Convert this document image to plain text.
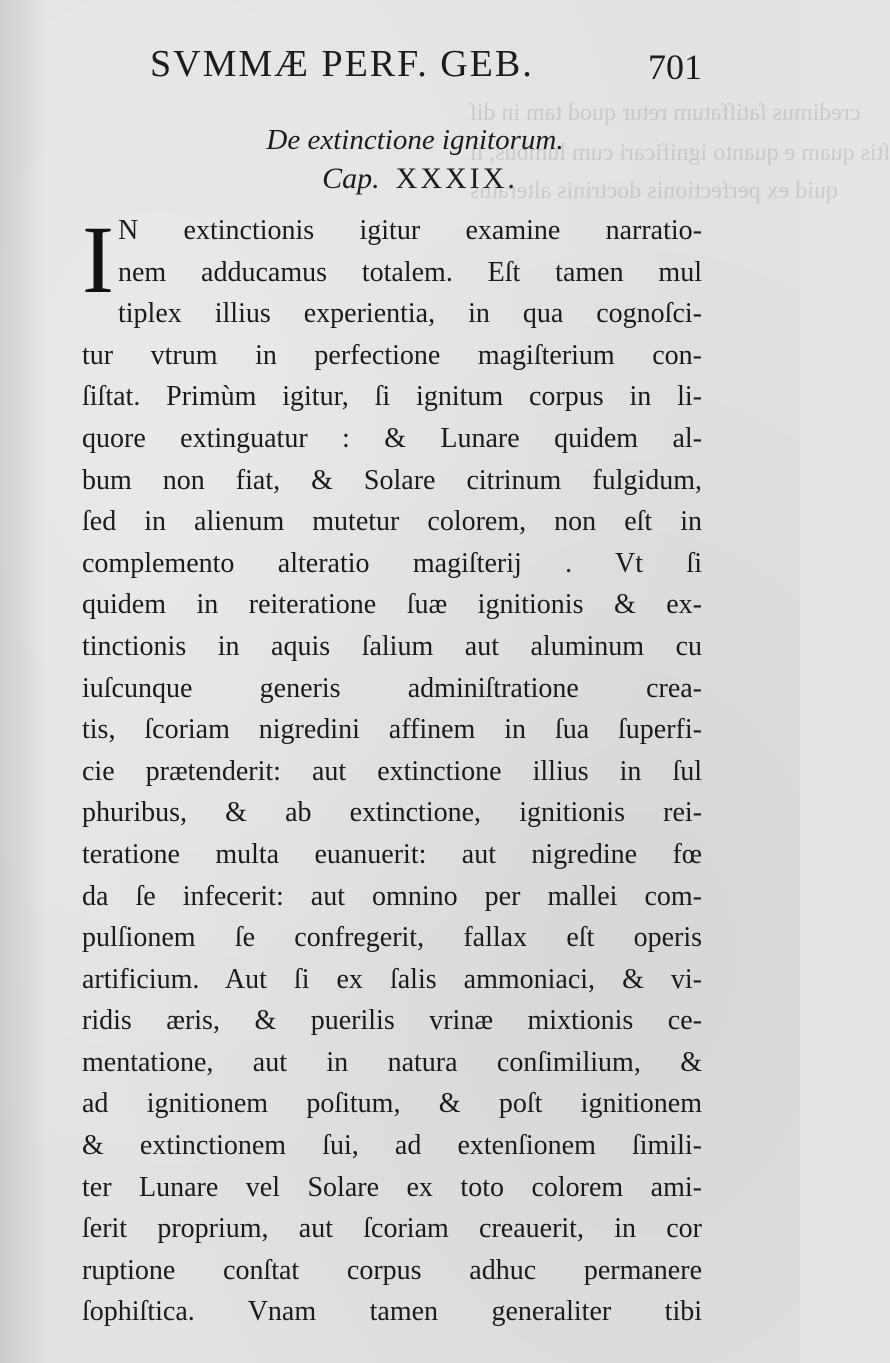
credimus ſatiſfatum retur quod tam in diſ
ſtis quam e quanto ignificari cum lumbus, ſi
quid ex perfectionis doctrinis alteratus
SVMMÆ PERF. GEB.	701
De extinctione ignitorum.
Cap. XXXIX.
I N extinctionis igitur examine narratio-
nem adducamus totalem. Eſt tamen mul
tiplex illius experientia, in qua cognoſci-
tur vtrum in perfectione magiſterium con-
ſiſtat. Primùm igitur, ſi ignitum corpus in li-
quore extinguatur : & Lunare quidem al-
bum non fiat, & Solare citrinum fulgidum,
ſed in alienum mutetur colorem, non eſt in
complemento alteratio magiſterij . Vt ſi
quidem in reiteratione ſuæ ignitionis & ex-
tinctionis in aquis ſalium aut aluminum cu
iuſcunque generis adminiſtratione crea-
tis, ſcoriam nigredini affinem in ſua ſuperfi-
cie prætenderit: aut extinctione illius in ſul
phuribus, & ab extinctione, ignitionis rei-
teratione multa euanuerit: aut nigredine fœ
da ſe infecerit: aut omnino per mallei com-
pulſionem ſe confregerit, fallax eſt operis
artificium. Aut ſi ex ſalis ammoniaci, & vi-
ridis æris, & puerilis vrinæ mixtionis ce-
mentatione, aut in natura conſimilium, &
ad ignitionem poſitum, & poſt ignitionem
& extinctionem ſui, ad extenſionem ſimili-
ter Lunare vel Solare ex toto colorem ami-
ſerit proprium, aut ſcoriam creauerit, in cor
ruptione conſtat corpus adhuc permanere
ſophiſtica. Vnam tamen generaliter tibi
